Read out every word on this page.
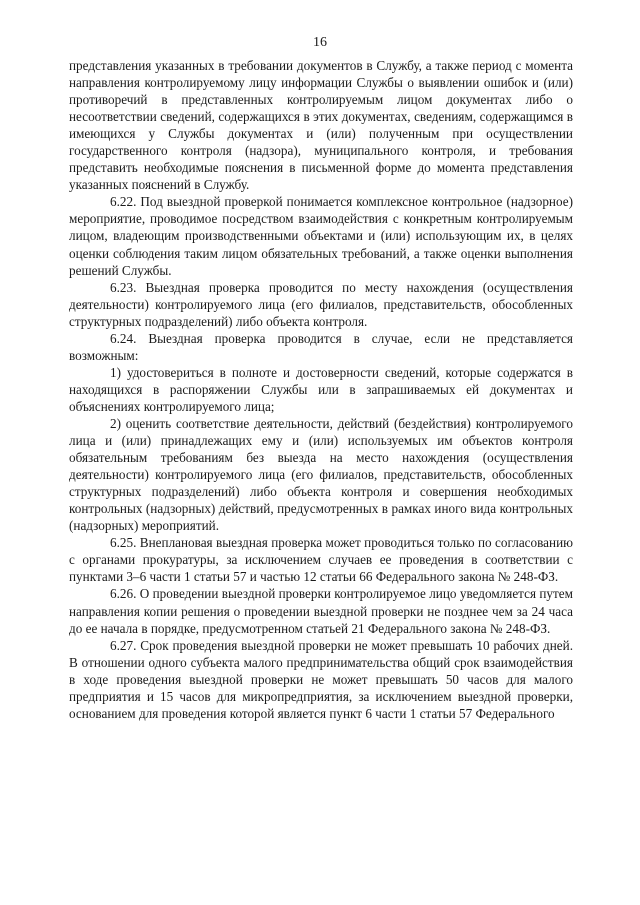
16

представления указанных в требовании документов в Службу, а также период с момента направления контролируемому лицу информации Службы о выявлении ошибок и (или) противоречий в представленных контролируемым лицом документах либо о несоответствии сведений, содержащихся в этих документах, сведениям, содержащимся в имеющихся у Службы документах и (или) полученным при осуществлении государственного контроля (надзора), муниципального контроля, и требования представить необходимые пояснения в письменной форме до момента представления указанных пояснений в Службу.

6.22. Под выездной проверкой понимается комплексное контрольное (надзорное) мероприятие, проводимое посредством взаимодействия с конкретным контролируемым лицом, владеющим производственными объектами и (или) использующим их, в целях оценки соблюдения таким лицом обязательных требований, а также оценки выполнения решений Службы.

6.23. Выездная проверка проводится по месту нахождения (осуществления деятельности) контролируемого лица (его филиалов, представительств, обособленных структурных подразделений) либо объекта контроля.

6.24. Выездная проверка проводится в случае, если не представляется возможным:

1) удостовериться в полноте и достоверности сведений, которые содержатся в находящихся в распоряжении Службы или в запрашиваемых ей документах и объяснениях контролируемого лица;

2) оценить соответствие деятельности, действий (бездействия) контролируемого лица и (или) принадлежащих ему и (или) используемых им объектов контроля обязательным требованиям без выезда на место нахождения (осуществления деятельности) контролируемого лица (его филиалов, представительств, обособленных структурных подразделений) либо объекта контроля и совершения необходимых контрольных (надзорных) действий, предусмотренных в рамках иного вида контрольных (надзорных) мероприятий.

6.25. Внеплановая выездная проверка может проводиться только по согласованию с органами прокуратуры, за исключением случаев ее проведения в соответствии с пунктами 3–6 части 1 статьи 57 и частью 12 статьи 66 Федерального закона № 248-ФЗ.

6.26. О проведении выездной проверки контролируемое лицо уведомляется путем направления копии решения о проведении выездной проверки не позднее чем за 24 часа до ее начала в порядке, предусмотренном статьей 21 Федерального закона № 248-ФЗ.

6.27. Срок проведения выездной проверки не может превышать 10 рабочих дней. В отношении одного субъекта малого предпринимательства общий срок взаимодействия в ходе проведения выездной проверки не может превышать 50 часов для малого предприятия и 15 часов для микропредприятия, за исключением выездной проверки, основанием для проведения которой является пункт 6 части 1 статьи 57 Федерального
